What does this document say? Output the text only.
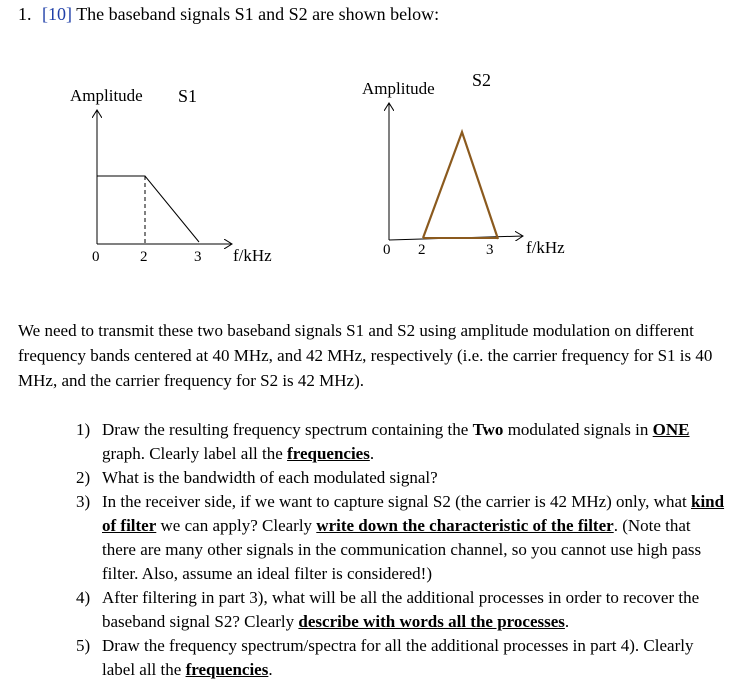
1. [10] The baseband signals S1 and S2 are shown below:
Amplitude S1
0	2	3 f/kHz
Amplitude S2
0 2	3 f/kHz

We need to transmit these two baseband signals S1 and S2 using amplitude modulation on different frequency bands centered at 40 MHz, and 42 MHz, respectively (i.e. the carrier frequency for S1 is 40 MHz, and the carrier frequency for S2 is 42 MHz).

1) Draw the resulting frequency spectrum containing the Two modulated signals in ONE graph. Clearly label all the frequencies.
2) What is the bandwidth of each modulated signal?
3) In the receiver side, if we want to capture signal S2 (the carrier is 42 MHz) only, what kind of filter we can apply? Clearly write down the characteristic of the filter. (Note that there are many other signals in the communication channel, so you cannot use high pass filter. Also, assume an ideal filter is considered!)
4) After filtering in part 3), what will be all the additional processes in order to recover the baseband signal S2? Clearly describe with words all the processes.
5) Draw the frequency spectrum/spectra for all the additional processes in part 4). Clearly label all the frequencies.
